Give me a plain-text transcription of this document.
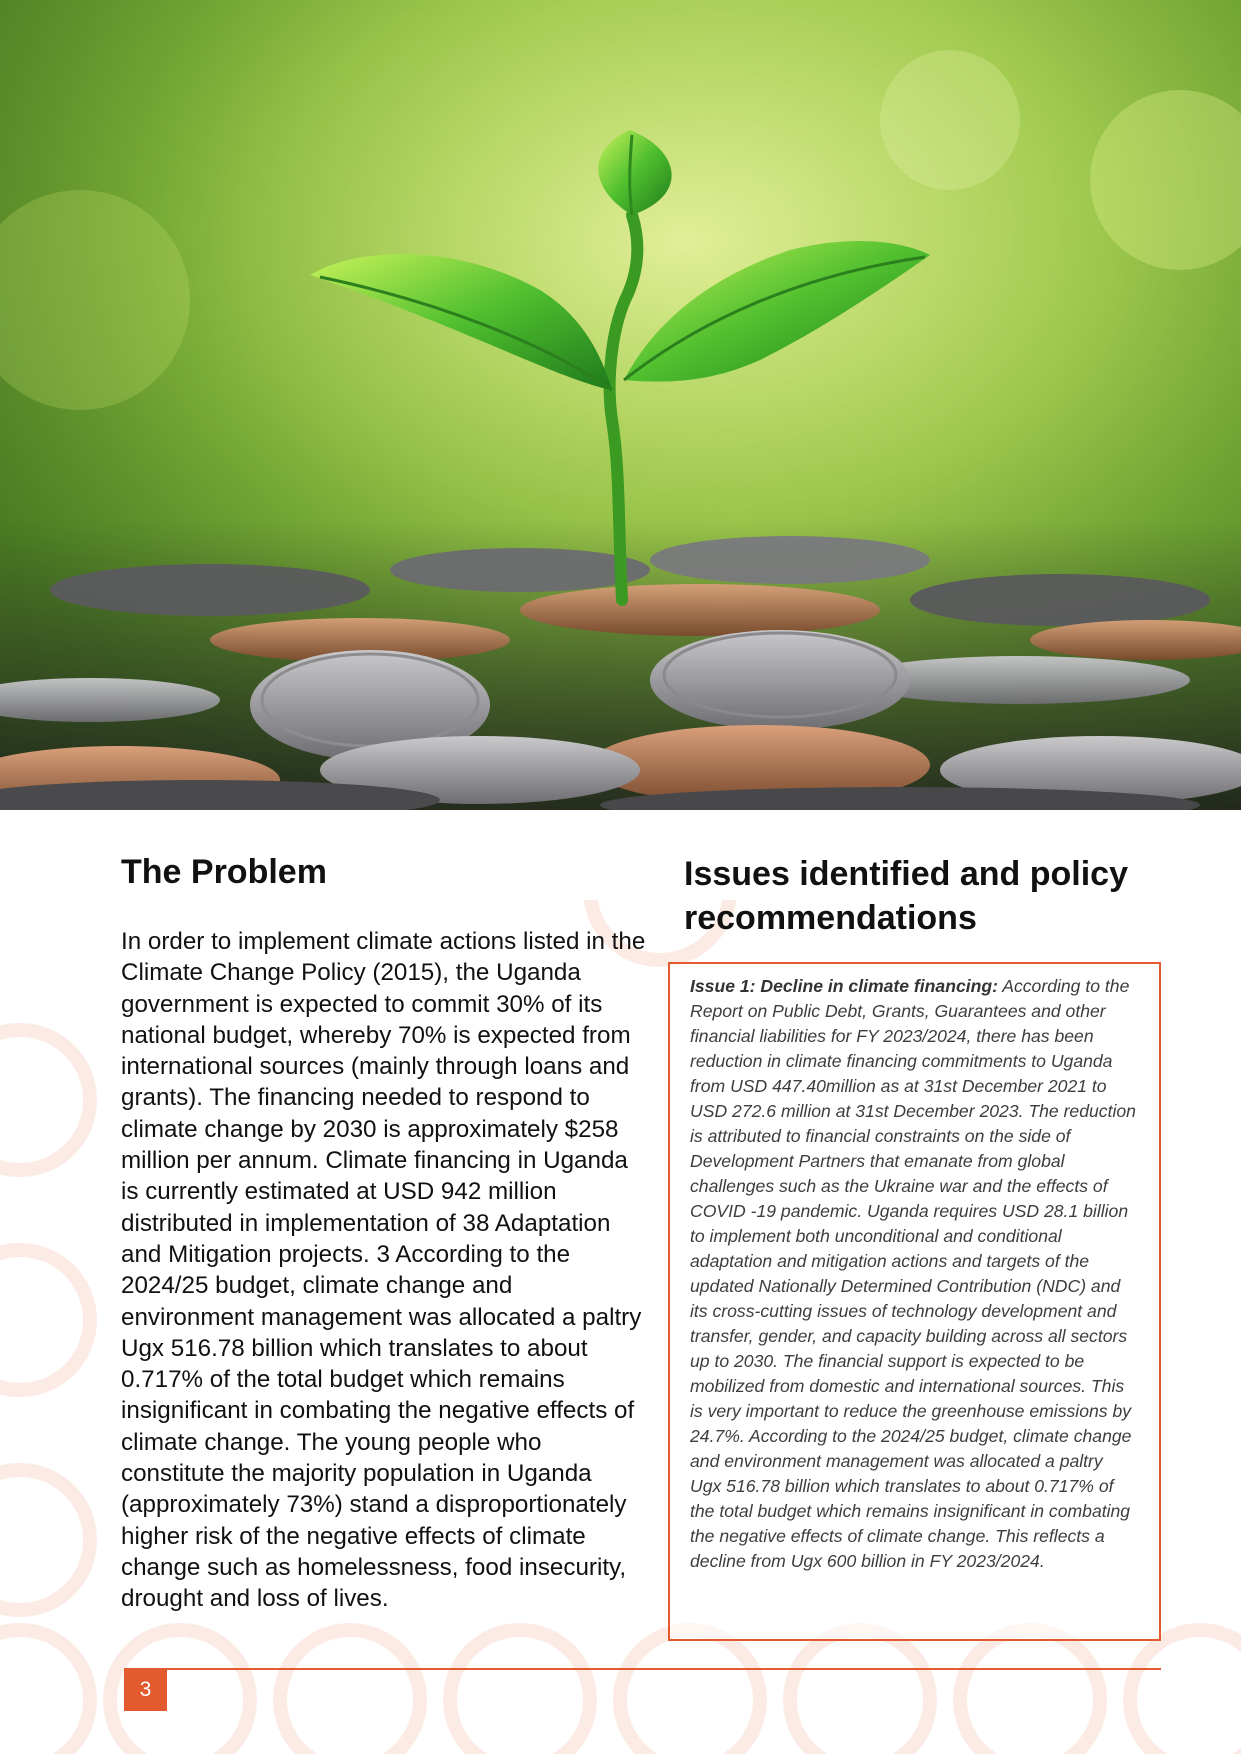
The Problem

In order to implement climate actions listed in the Climate Change Policy (2015), the Uganda government is expected to commit 30% of its national budget, whereby 70% is expected from international sources (mainly through loans and grants). The financing needed to respond to climate change by 2030 is approximately $258 million per annum. Climate financing in Uganda is currently estimated at USD 942 million distributed in implementation of 38 Adaptation and Mitigation projects. 3 According to the 2024/25 budget, climate change and environment management was allocated a paltry Ugx 516.78 billion which translates to about 0.717% of the total budget which remains insignificant in combating the negative effects of climate change. The young people who constitute the majority population in Uganda (approximately 73%) stand a disproportionately higher risk of the negative effects of climate change such as homelessness, food insecurity, drought and loss of lives.

Issues identified and policy recommendations

Issue 1: Decline in climate financing: According to the Report on Public Debt, Grants, Guarantees and other financial liabilities for FY 2023/2024, there has been reduction in climate financing commitments to Uganda from USD 447.40million as at 31st December 2021 to USD 272.6 million at 31st December 2023. The reduction is attributed to financial constraints on the side of Development Partners that emanate from global challenges such as the Ukraine war and the effects of COVID -19 pandemic. Uganda requires USD 28.1 billion to implement both unconditional and conditional adaptation and mitigation actions and targets of the updated Nationally Determined Contribution (NDC) and its cross-cutting issues of technology development and transfer, gender, and capacity building across all sectors up to 2030. The financial support is expected to be mobilized from domestic and international sources. This is very important to reduce the greenhouse emissions by 24.7%. According to the 2024/25 budget, climate change and environment management was allocated a paltry Ugx 516.78 billion which translates to about 0.717% of the total budget which remains insignificant in combating the negative effects of climate change. This reflects a decline from Ugx 600 billion in FY 2023/2024.

3
